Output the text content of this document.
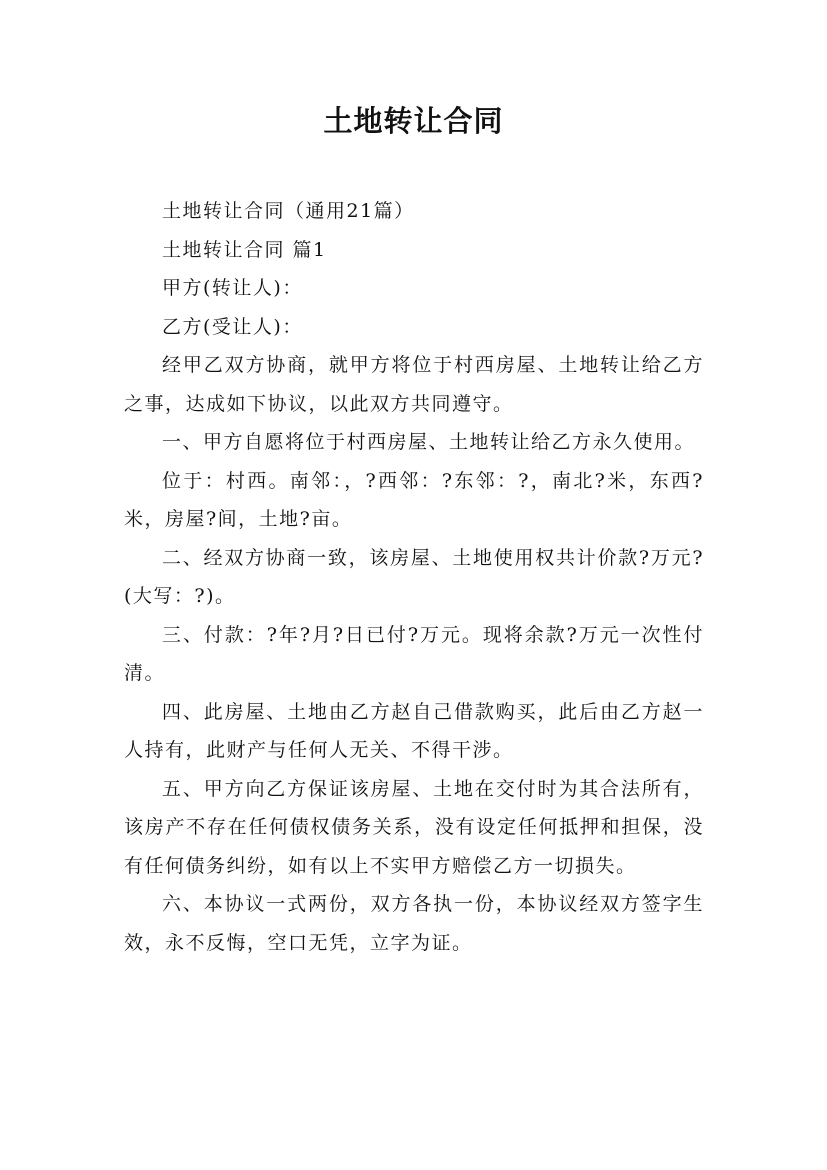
土地转让合同

土地转让合同（通用21篇）

土地转让合同 篇1

甲方(转让人)：

乙方(受让人)：

经甲乙双方协商，就甲方将位于村西房屋、土地转让给乙方之事，达成如下协议，以此双方共同遵守。

一、甲方自愿将位于村西房屋、土地转让给乙方永久使用。

位于：村西。南邻：，?西邻：?东邻：?，南北?米，东西?米，房屋?间，土地?亩。

二、经双方协商一致，该房屋、土地使用权共计价款?万元?(大写：?)。

三、付款：?年?月?日已付?万元。现将余款?万元一次性付清。

四、此房屋、土地由乙方赵自己借款购买，此后由乙方赵一人持有，此财产与任何人无关、不得干涉。

五、甲方向乙方保证该房屋、土地在交付时为其合法所有，该房产不存在任何债权债务关系，没有设定任何抵押和担保，没有任何债务纠纷，如有以上不实甲方赔偿乙方一切损失。

六、本协议一式两份，双方各执一份，本协议经双方签字生效，永不反悔，空口无凭，立字为证。
